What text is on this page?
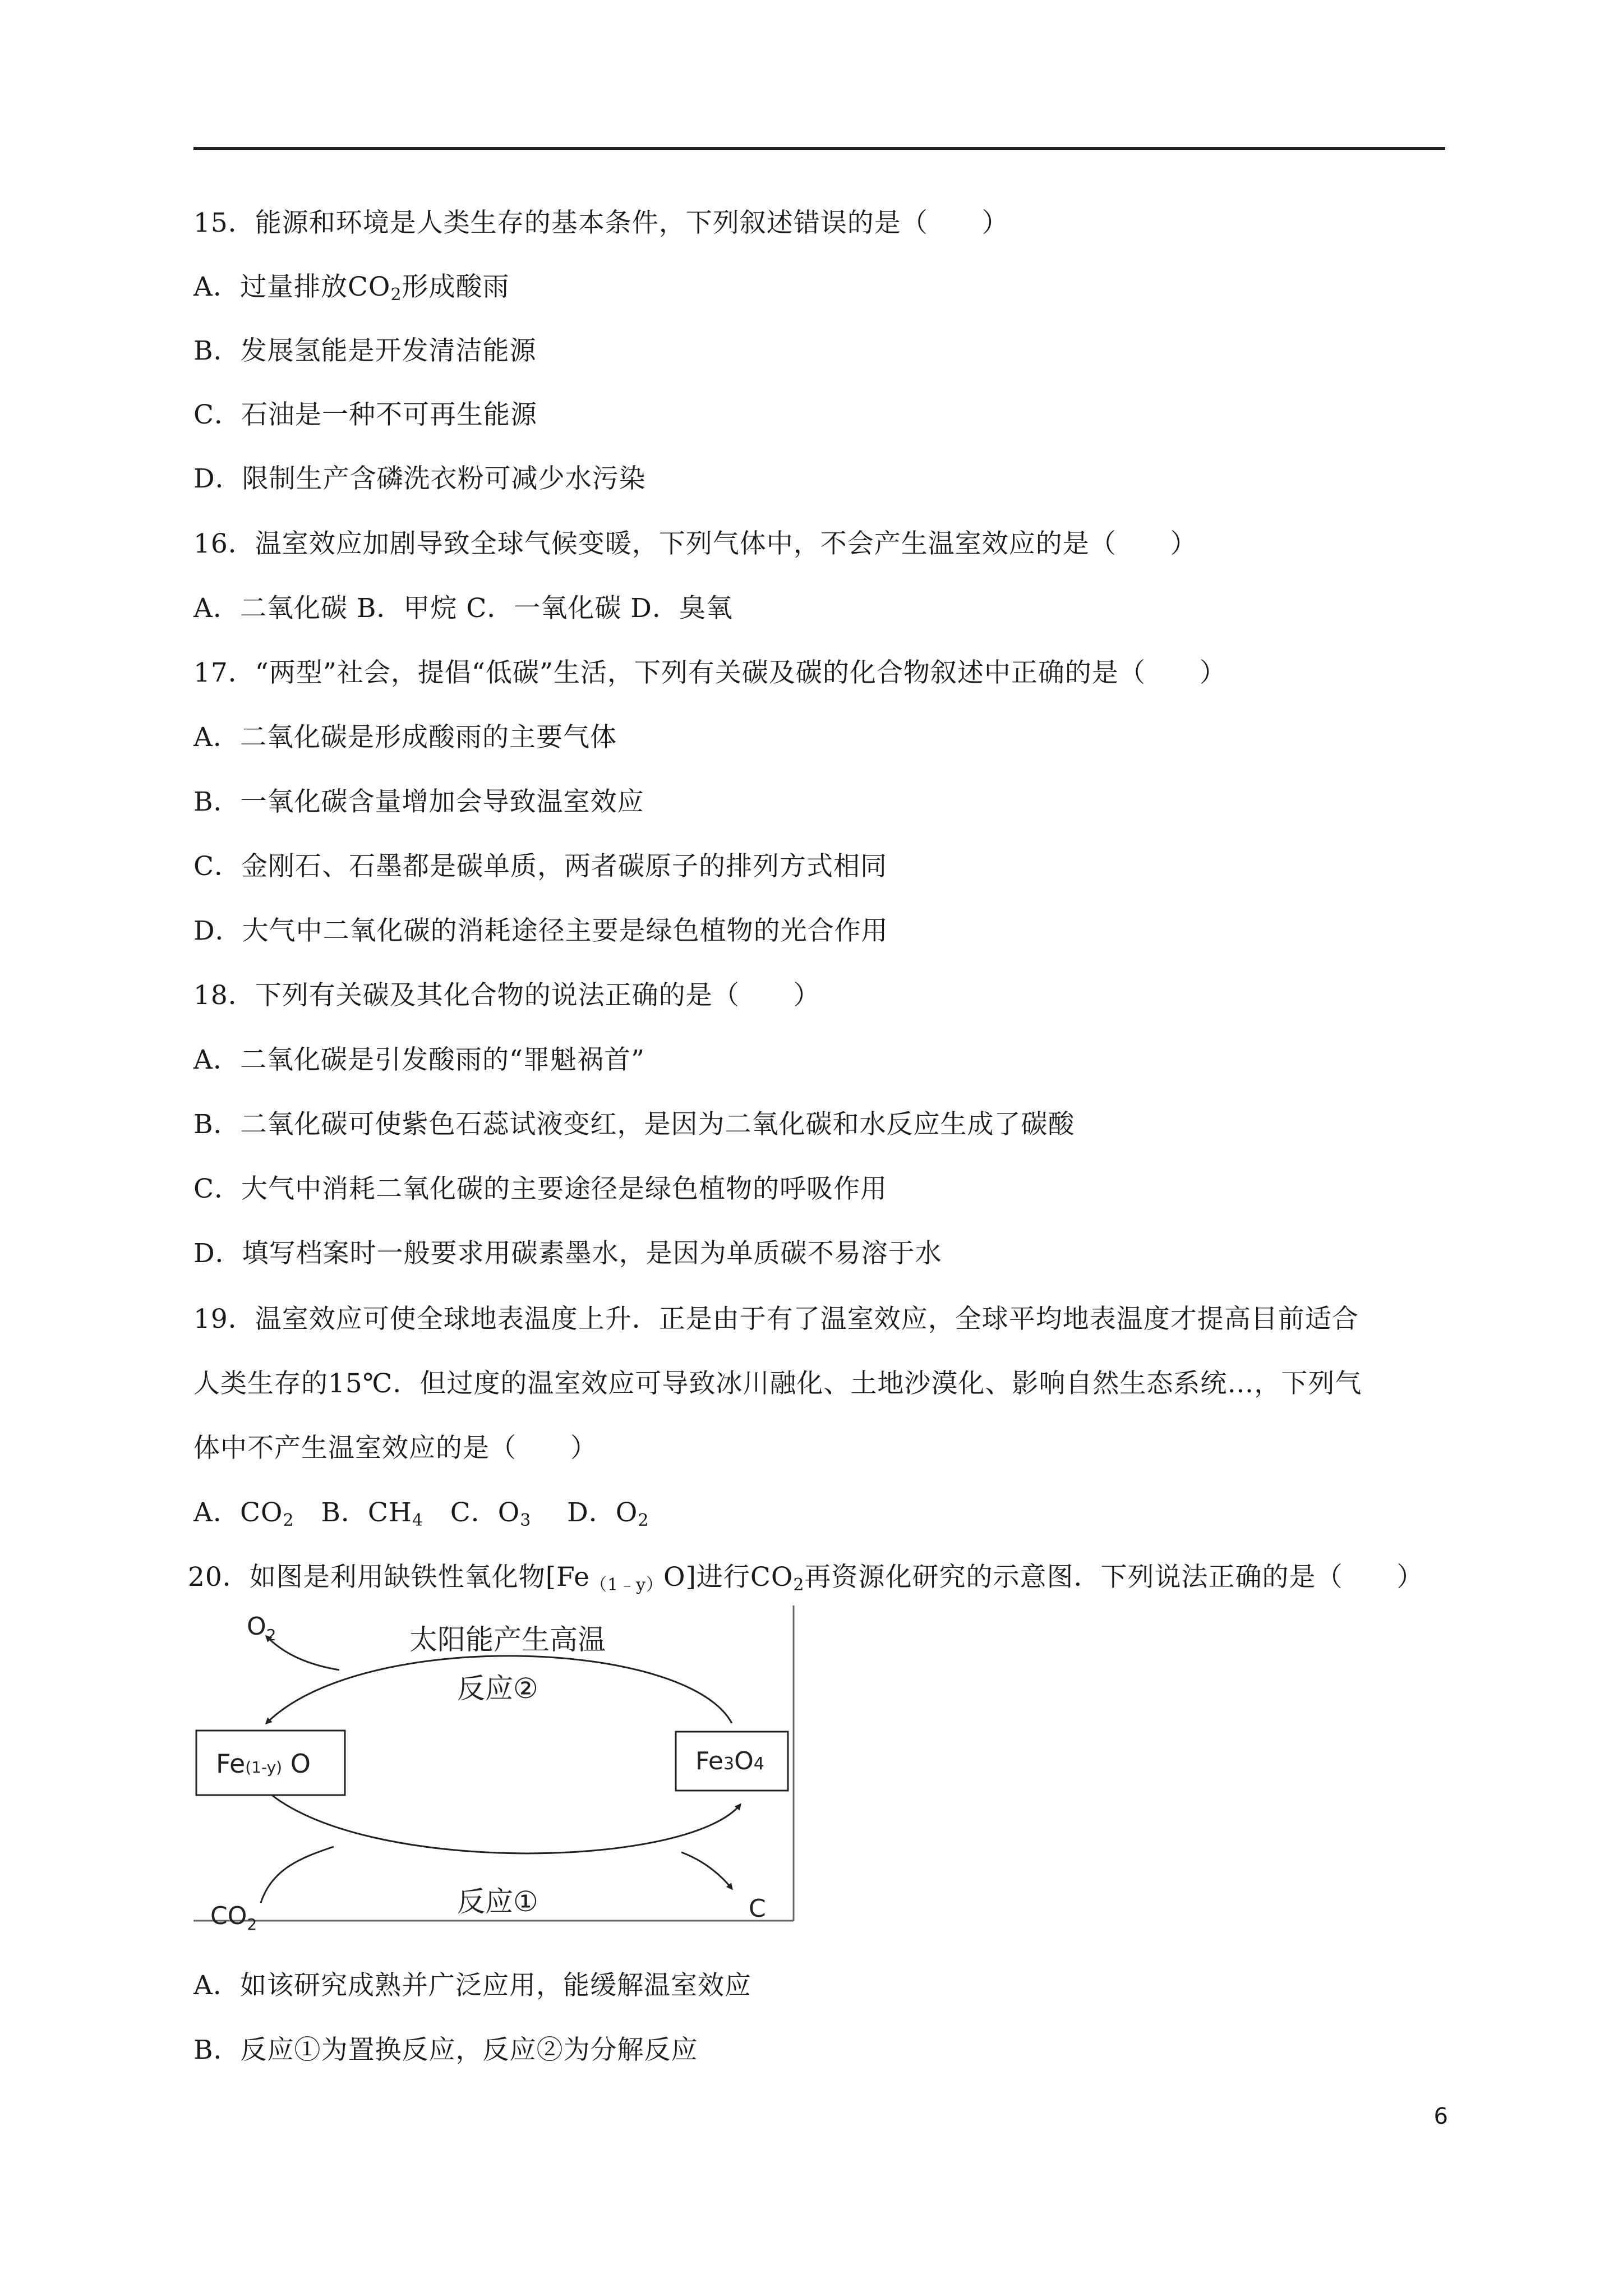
15．能源和环境是人类生存的基本条件，下列叙述错误的是（　　）
A．过量排放$CO_2$形成酸雨
B．发展氢能是开发清洁能源
C．石油是一种不可再生能源
D．限制生产含磷洗衣粉可减少水污染
16．温室效应加剧导致全球气候变暖，下列气体中，不会产生温室效应的是（　　）
A．二氧化碳 B．甲烷 C．一氧化碳 D．臭氧
17．“两型”社会，提倡“低碳”生活，下列有关碳及碳的化合物叙述中正确的是（　　）
A．二氧化碳是形成酸雨的主要气体
B．一氧化碳含量增加会导致温室效应
C．金刚石、石墨都是碳单质，两者碳原子的排列方式相同
D．大气中二氧化碳的消耗途径主要是绿色植物的光合作用
18．下列有关碳及其化合物的说法正确的是（　　）
A．二氧化碳是引发酸雨的“罪魁祸首”
B．二氧化碳可使紫色石蕊试液变红，是因为二氧化碳和水反应生成了碳酸
C．大气中消耗二氧化碳的主要途径是绿色植物的呼吸作用
D．填写档案时一般要求用碳素墨水，是因为单质碳不易溶于水
19．温室效应可使全球地表温度上升．正是由于有了温室效应，全球平均地表温度才提高目前适合
人类生存的15℃．但过度的温室效应可导致冰川融化、土地沙漠化、影响自然生态系统…，下列气
体中不产生温室效应的是（　　）
A．$CO_2$   B．$CH_4$   C．$O_3$    D．$O_2$
20．如图是利用缺铁性氧化物$[Fe_{(1﹣y)}O]$进行$CO_2$再资源化研究的示意图．下列说法正确的是（　　）
Fe(1-y) O	Fe3O4
太阳能产生高温
反应②
反应①
$O_2$
$CO_2$
C
A．如该研究成熟并广泛应用，能缓解温室效应
B．反应①为置换反应，反应②为分解反应
6
